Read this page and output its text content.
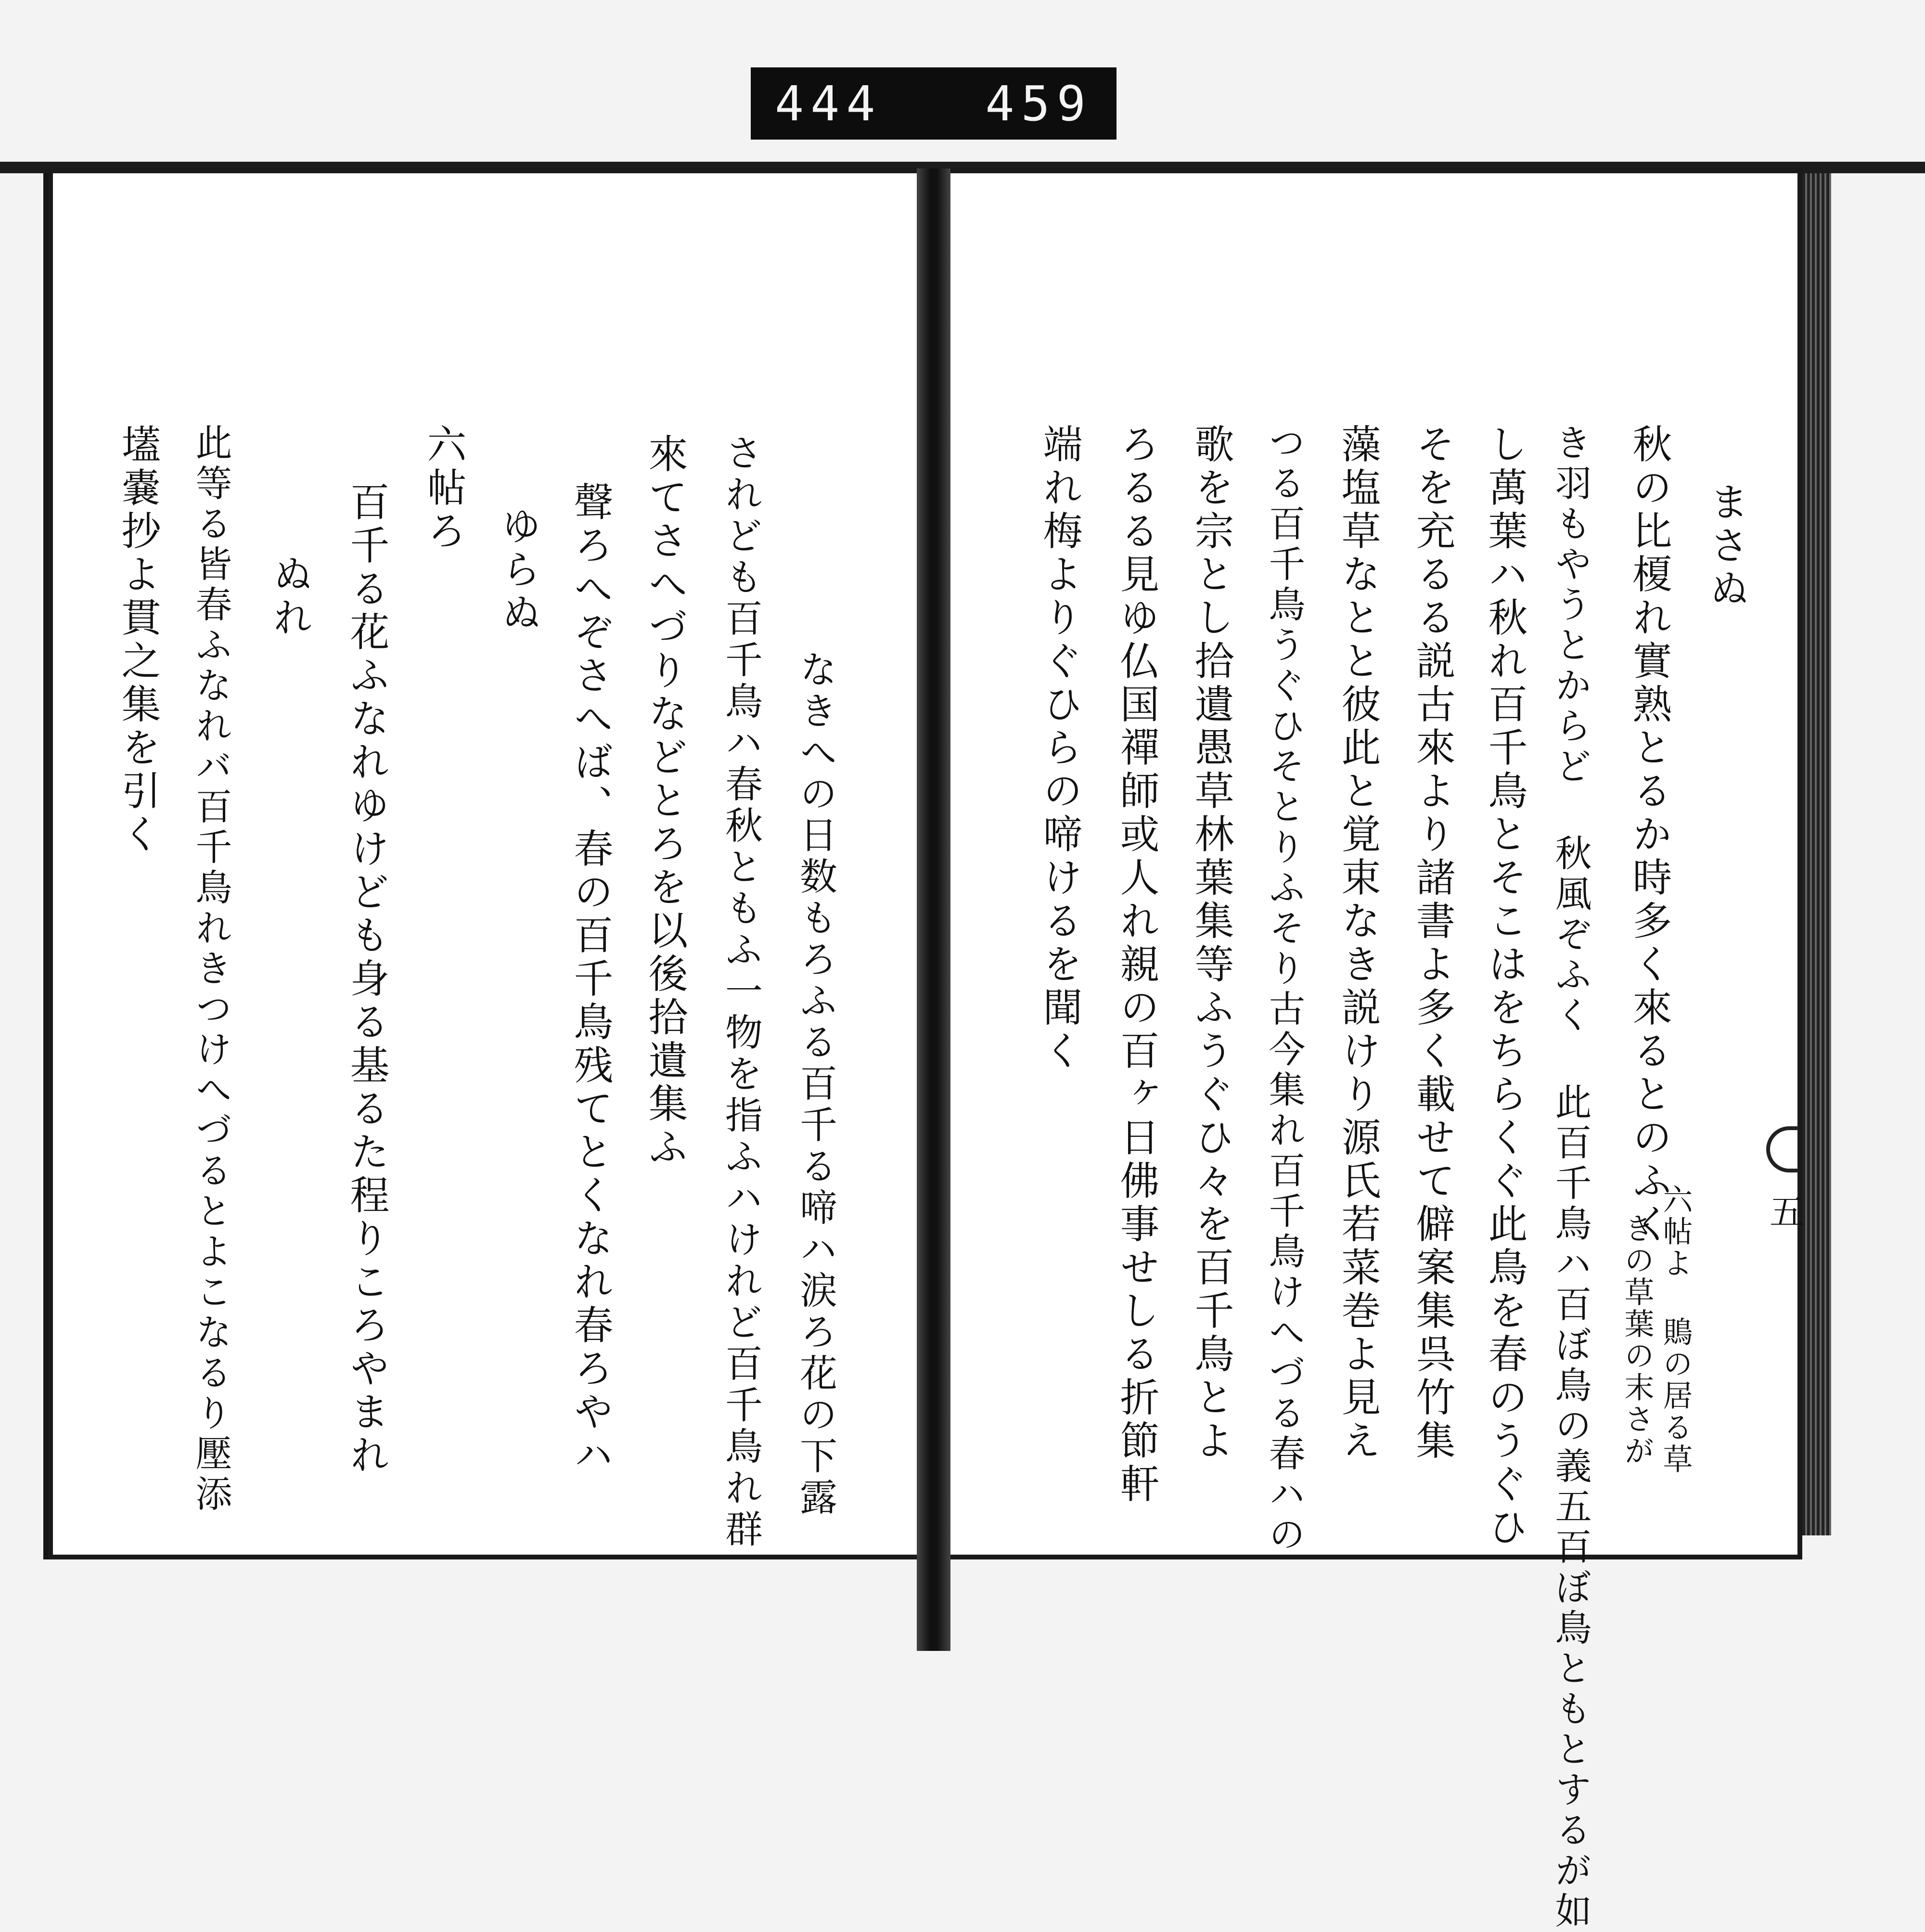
444 459
まさぬ
秋の比榎れ實熟とるか時多く來るとのふく
き羽もやうとからど 秋風ぞふく 此百千鳥ハ百ぼ鳥の義五百ぼ鳥ともとするが如
し萬葉ハ秋れ百千鳥とそこはをちらくぐ此鳥を春のうぐひ
そを充るる説古來より諸書よ多く載せて僻案集呉竹集
藻塩草なとと彼此と覚束なき説けり源氏若菜巻よ見え
つる百千鳥うぐひそとりふそり古今集れ百千鳥けへづる春ハの
歌を宗とし拾遺愚草林葉集等ふうぐひ々を百千鳥とよ
ろるる見ゆ仏国禪師或人れ親の百ヶ日佛事せしる折節軒
端れ梅よりぐひらの啼けるを聞く
六帖よ 鵙の居る草
きの草葉の末さが
五
なきへの日数もろふる百千る啼ハ涙ろ花の下露
されども百千鳥ハ春秋ともふ一物を指ふハけれど百千鳥れ群
來てさへづりなどとろを以後拾遺集ふ
聲ろへぞさへば、春の百千鳥残てとくなれ春ろやハ
ゆらぬ
六帖ろ
百千る花ふなれゆけども身る基るた程りころやまれ
ぬれ
此等る皆春ふなれバ百千鳥れきつけへづるとよこなるり壓添
壒嚢抄よ貫之集を引く
